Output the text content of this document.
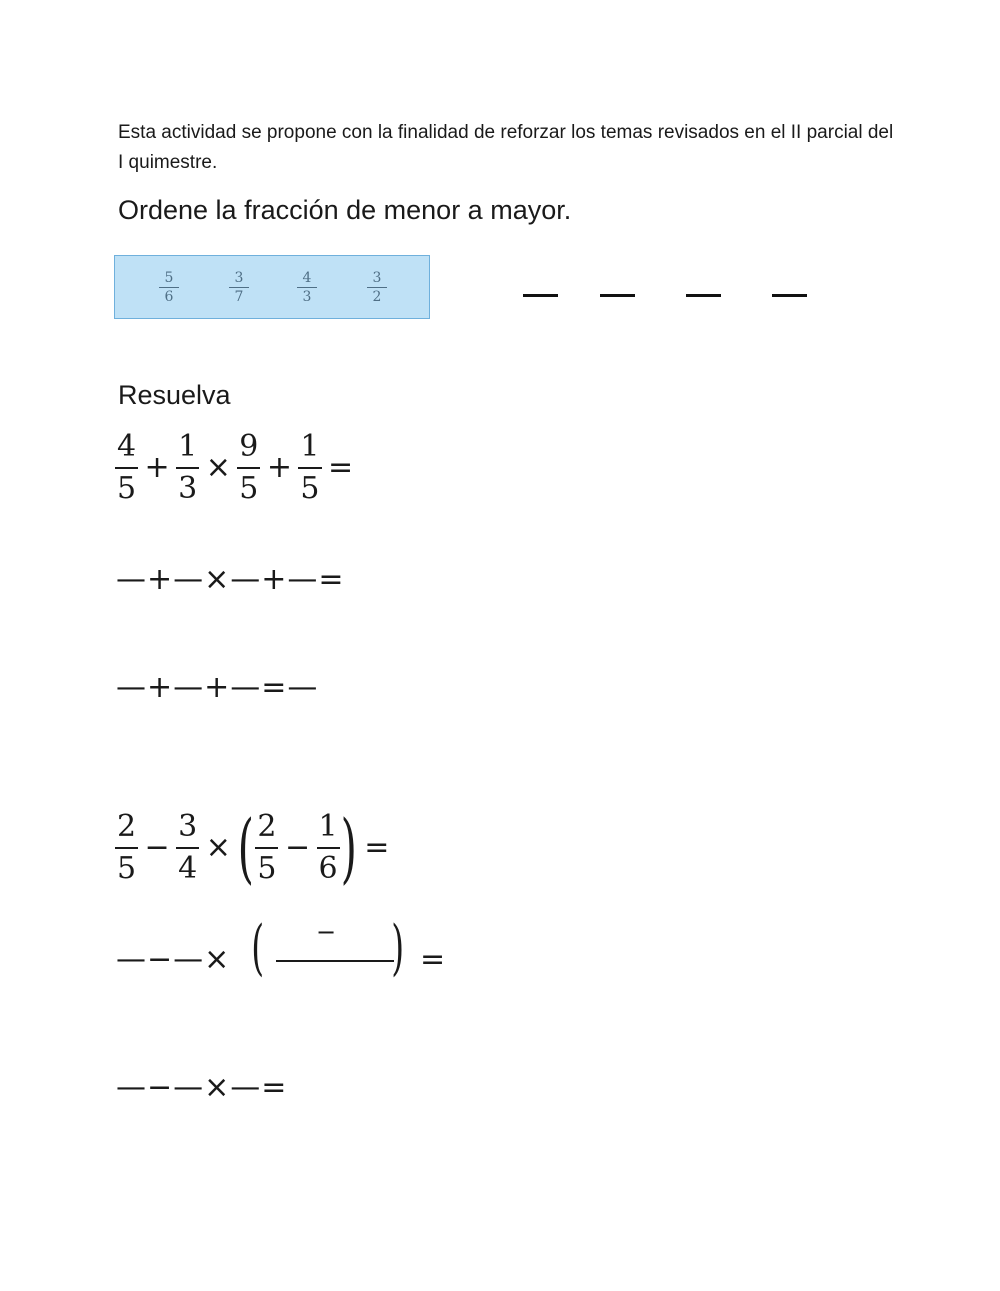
Esta actividad se propone con la finalidad de reforzar los temas revisados en el II parcial del I quimestre.
Ordene la fracción de menor a mayor.
$\frac{5}{6}$	$\frac{3}{7}$	$\frac{4}{3}$	$\frac{3}{2}$
Resuelva
$\frac{4}{5} + \frac{1}{3} \times \frac{9}{5} + \frac{1}{5}$ =
—+—×—+—=
—+—+—=—
$\frac{2}{5} - \frac{3}{4}$ × ( $\frac{2}{5} - \frac{1}{6}$ ) =
—−—× ( − ) =
—−—×—=
